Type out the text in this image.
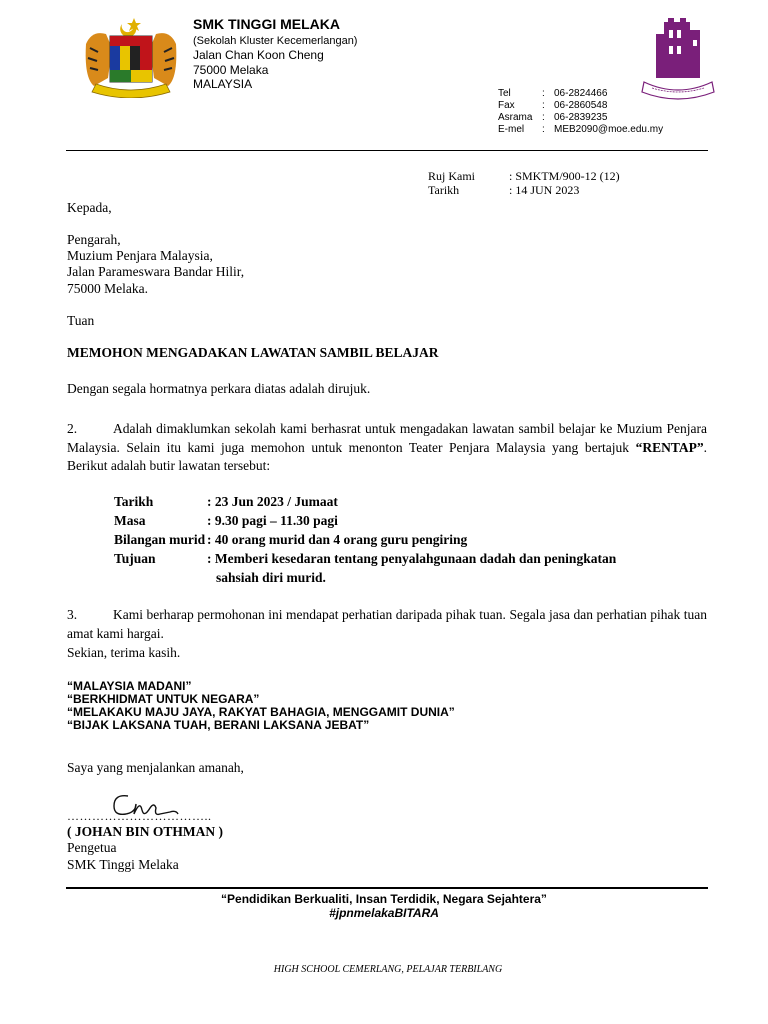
SMK TINGGI MELAKA
(Sekolah Kluster Kecemerlangan)
Jalan Chan Koon Cheng
75000 Melaka
MALAYSIA
Tel	:	06-2824466
Fax	:	06-2860548
Asrama	:	06-2839235
E-mel	:	MEB2090@moe.edu.my
Ruj Kami	: SMKTM/900-12 (12)
Tarikh	: 14 JUN 2023
Kepada,
Pengarah,
Muzium Penjara Malaysia,
Jalan Parameswara Bandar Hilir,
75000 Melaka.
Tuan
MEMOHON MENGADAKAN LAWATAN SAMBIL BELAJAR
Dengan segala hormatnya perkara diatas adalah dirujuk.
2.	Adalah dimaklumkan sekolah kami berhasrat untuk mengadakan lawatan sambil belajar ke Muzium Penjara Malaysia. Selain itu kami juga memohon untuk menonton Teater Penjara Malaysia yang bertajuk “RENTAP”. Berikut adalah butir lawatan tersebut:
Tarikh	: 23 Jun 2023 / Jumaat
Masa	: 9.30 pagi – 11.30 pagi
Bilangan murid	: 40 orang murid dan 4 orang guru pengiring
Tujuan	: Memberi kesedaran tentang penyalahgunaan dadah dan peningkatan
sahsiah diri murid.
3.	Kami berharap permohonan ini mendapat perhatian daripada pihak tuan. Segala jasa dan perhatian pihak tuan amat kami hargai.
Sekian, terima kasih.
“MALAYSIA MADANI”
“BERKHIDMAT UNTUK NEGARA”
“MELAKAKU MAJU JAYA, RAKYAT BAHAGIA, MENGGAMIT DUNIA”
“BIJAK LAKSANA TUAH, BERANI LAKSANA JEBAT”
Saya yang menjalankan amanah,
……………………………..
( JOHAN BIN OTHMAN )
Pengetua
SMK Tinggi Melaka
“Pendidikan Berkualiti, Insan Terdidik, Negara Sejahtera”
#jpnmelakaBITARA
HIGH SCHOOL CEMERLANG, PELAJAR TERBILANG
